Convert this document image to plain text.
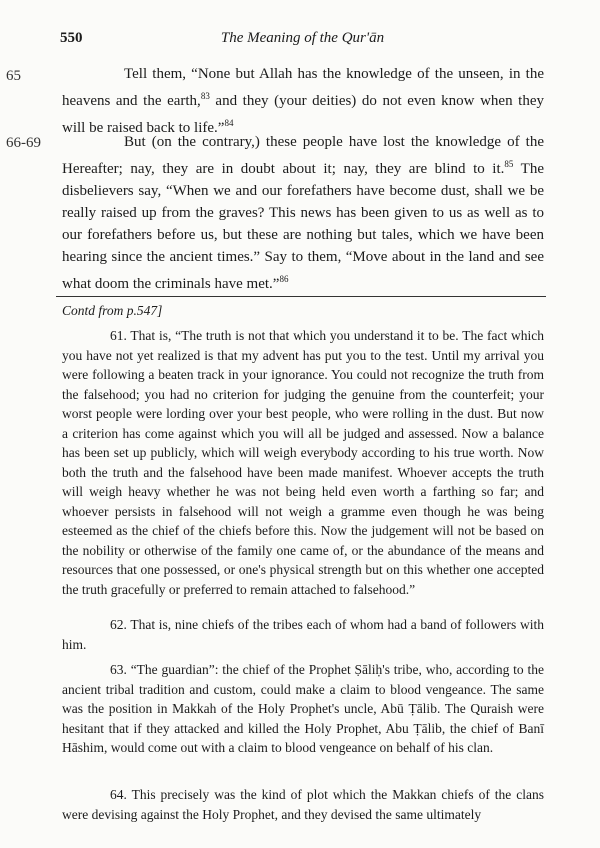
550	The Meaning of the Qur'ān
65	Tell them, “None but Allah has the knowledge of the unseen, in the heavens and the earth,$^{83}$ and they (your deities) do not even know when they will be raised back to life.”$^{84}$

66-69	But (on the contrary,) these people have lost the knowledge of the Hereafter; nay, they are in doubt about it; nay, they are blind to it.$^{85}$ The disbelievers say, “When we and our forefathers have become dust, shall we be really raised up from the graves? This news has been given to us as well as to our forefathers before us, but these are nothing but tales, which we have been hearing since the ancient times.” Say to them, “Move about in the land and see what doom the criminals have met.”$^{86}$

Contd from p.547]

61. That is, “The truth is not that which you understand it to be. The fact which you have not yet realized is that my advent has put you to the test. Until my arrival you were following a beaten track in your ignorance. You could not recognize the truth from the falsehood; you had no criterion for judging the genuine from the counterfeit; your worst people were lording over your best people, who were rolling in the dust. But now a criterion has come against which you will all be judged and assessed. Now a balance has been set up publicly, which will weigh everybody according to his true worth. Now both the truth and the falsehood have been made manifest. Whoever accepts the truth will weigh heavy whether he was not being held even worth a farthing so far; and whoever persists in falsehood will not weigh a gramme even though he was being esteemed as the chief of the chiefs before this. Now the judgement will not be based on the nobility or otherwise of the family one came of, or the abundance of the means and resources that one possessed, or one's physical strength but on this whether one accepted the truth gracefully or preferred to remain attached to falsehood.”

62. That is, nine chiefs of the tribes each of whom had a band of followers with him.

63. “The guardian”: the chief of the Prophet Ṣāliḥ's tribe, who, according to the ancient tribal tradition and custom, could make a claim to blood vengeance. The same was the position in Makkah of the Holy Prophet's uncle, Abū Ṭālib. The Quraish were hesitant that if they attacked and killed the Holy Prophet, Abu Ṭālib, the chief of Banī Hāshim, would come out with a claim to blood vengeance on behalf of his clan.

64. This precisely was the kind of plot which the Makkan chiefs of the clans were devising against the Holy Prophet, and they devised the same ultimately
